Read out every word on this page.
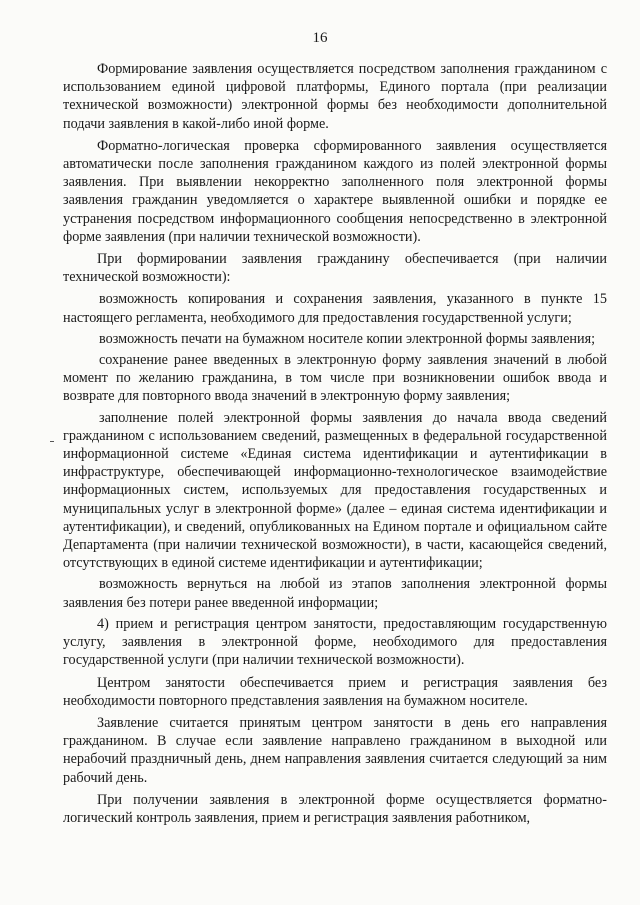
16

Формирование заявления осуществляется посредством заполнения гражданином с использованием единой цифровой платформы, Единого портала (при реализации технической возможности) электронной формы без необходимости дополнительной подачи заявления в какой-либо иной форме.

Форматно-логическая проверка сформированного заявления осуществляется автоматически после заполнения гражданином каждого из полей электронной формы заявления. При выявлении некорректно заполненного поля электронной формы заявления гражданин уведомляется о характере выявленной ошибки и порядке ее устранения посредством информационного сообщения непосредственно в электронной форме заявления (при наличии технической возможности).

При формировании заявления гражданину обеспечивается (при наличии технической возможности):

возможность копирования и сохранения заявления, указанного в пункте 15 настоящего регламента, необходимого для предоставления государственной услуги;

возможность печати на бумажном носителе копии электронной формы заявления;

сохранение ранее введенных в электронную форму заявления значений в любой момент по желанию гражданина, в том числе при возникновении ошибок ввода и возврате для повторного ввода значений в электронную форму заявления;

заполнение полей электронной формы заявления до начала ввода сведений гражданином с использованием сведений, размещенных в федеральной государственной информационной системе «Единая система идентификации и аутентификации в инфраструктуре, обеспечивающей информационно-технологическое взаимодействие информационных систем, используемых для предоставления государственных и муниципальных услуг в электронной форме» (далее – единая система идентификации и аутентификации), и сведений, опубликованных на Едином портале и официальном сайте Департамента (при наличии технической возможности), в части, касающейся сведений, отсутствующих в единой системе идентификации и аутентификации;

возможность вернуться на любой из этапов заполнения электронной формы заявления без потери ранее введенной информации;

4) прием и регистрация центром занятости, предоставляющим государственную услугу, заявления в электронной форме, необходимого для предоставления государственной услуги (при наличии технической возможности).

Центром занятости обеспечивается прием и регистрация заявления без необходимости повторного представления заявления на бумажном носителе.

Заявление считается принятым центром занятости в день его направления гражданином. В случае если заявление направлено гражданином в выходной или нерабочий праздничный день, днем направления заявления считается следующий за ним рабочий день.

При получении заявления в электронной форме осуществляется форматно-логический контроль заявления, прием и регистрация заявления работником,
